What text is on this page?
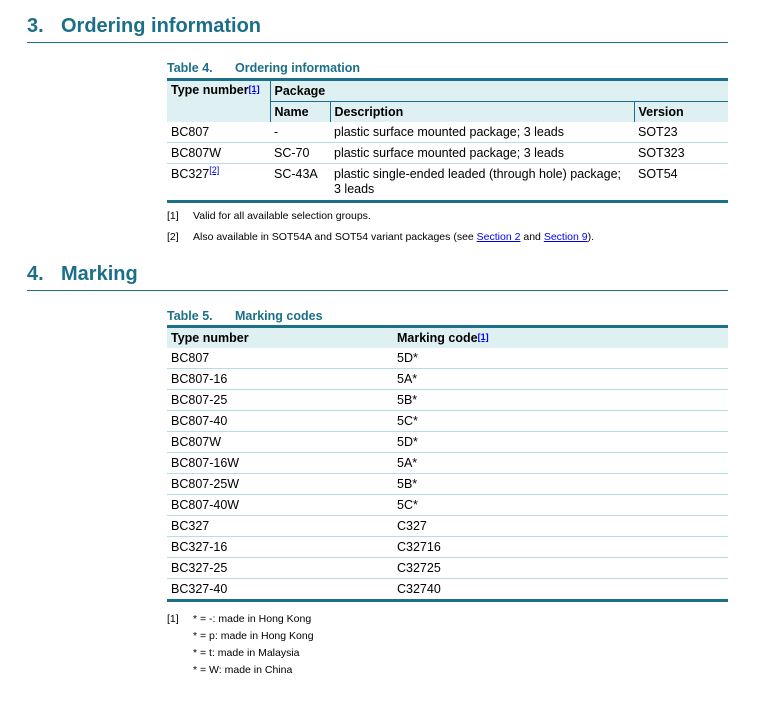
3. Ordering information
Table 4. Ordering information
Type number[1]	Package		
	Name	Description	Version
BC807	-	plastic surface mounted package; 3 leads	SOT23
BC807W	SC-70	plastic surface mounted package; 3 leads	SOT323
BC327[2]	SC-43A	plastic single-ended leaded (through hole) package; 3 leads	SOT54
[1] Valid for all available selection groups.
[2] Also available in SOT54A and SOT54 variant packages (see Section 2 and Section 9).
4. Marking
Table 5. Marking codes
Type number	Marking code[1]
BC807	5D*
BC807-16	5A*
BC807-25	5B*
BC807-40	5C*
BC807W	5D*
BC807-16W	5A*
BC807-25W	5B*
BC807-40W	5C*
BC327	C327
BC327-16	C32716
BC327-25	C32725
BC327-40	C32740
[1] * = -: made in Hong Kong
* = p: made in Hong Kong
* = t: made in Malaysia
* = W: made in China
